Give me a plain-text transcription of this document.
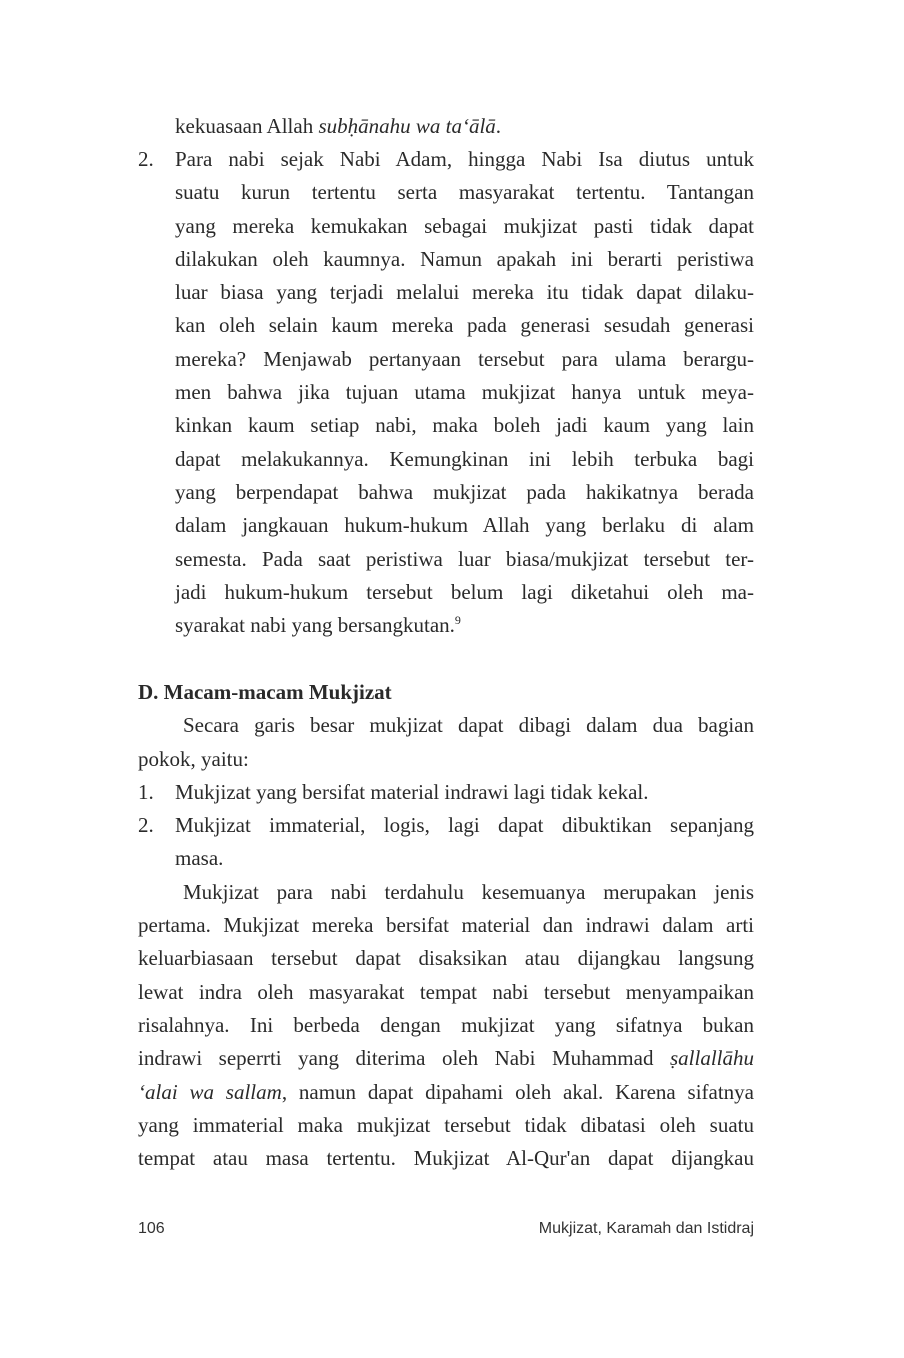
kekuasaan Allah subḥānahu wa ta‘ālā.
2.	Para nabi sejak Nabi Adam, hingga Nabi Isa diutus untuk
suatu kurun tertentu serta masyarakat tertentu. Tantangan
yang mereka kemukakan sebagai mukjizat pasti tidak dapat
dilakukan oleh kaumnya. Namun apakah ini berarti peristiwa
luar biasa yang terjadi melalui mereka itu tidak dapat dilaku-
kan oleh selain kaum mereka pada generasi sesudah generasi
mereka? Menjawab pertanyaan tersebut para ulama berargu-
men bahwa jika tujuan utama mukjizat hanya untuk meya-
kinkan kaum setiap nabi, maka boleh jadi kaum yang lain
dapat melakukannya. Kemungkinan ini lebih terbuka bagi
yang berpendapat bahwa mukjizat pada hakikatnya berada
dalam jangkauan hukum-hukum Allah yang berlaku di alam
semesta. Pada saat peristiwa luar biasa/mukjizat tersebut ter-
jadi hukum-hukum tersebut belum lagi diketahui oleh ma-
syarakat nabi yang bersangkutan.$^9$
D. Macam-macam Mukjizat
Secara garis besar mukjizat dapat dibagi dalam dua bagian
pokok, yaitu:
1.	Mukjizat yang bersifat material indrawi lagi tidak kekal.
2.	Mukjizat immaterial, logis, lagi dapat dibuktikan sepanjang
masa.
Mukjizat para nabi terdahulu kesemuanya merupakan jenis
pertama. Mukjizat mereka bersifat material dan indrawi dalam arti
keluarbiasaan tersebut dapat disaksikan atau dijangkau langsung
lewat indra oleh masyarakat tempat nabi tersebut menyampaikan
risalahnya. Ini berbeda dengan mukjizat yang sifatnya bukan
indrawi seperrti yang diterima oleh Nabi Muhammad ṣallallāhu
‘alai wa sallam, namun dapat dipahami oleh akal. Karena sifatnya
yang immaterial maka mukjizat tersebut tidak dibatasi oleh suatu
tempat atau masa tertentu. Mukjizat Al-Qur'an dapat dijangkau
106	Mukjizat, Karamah dan Istidraj
